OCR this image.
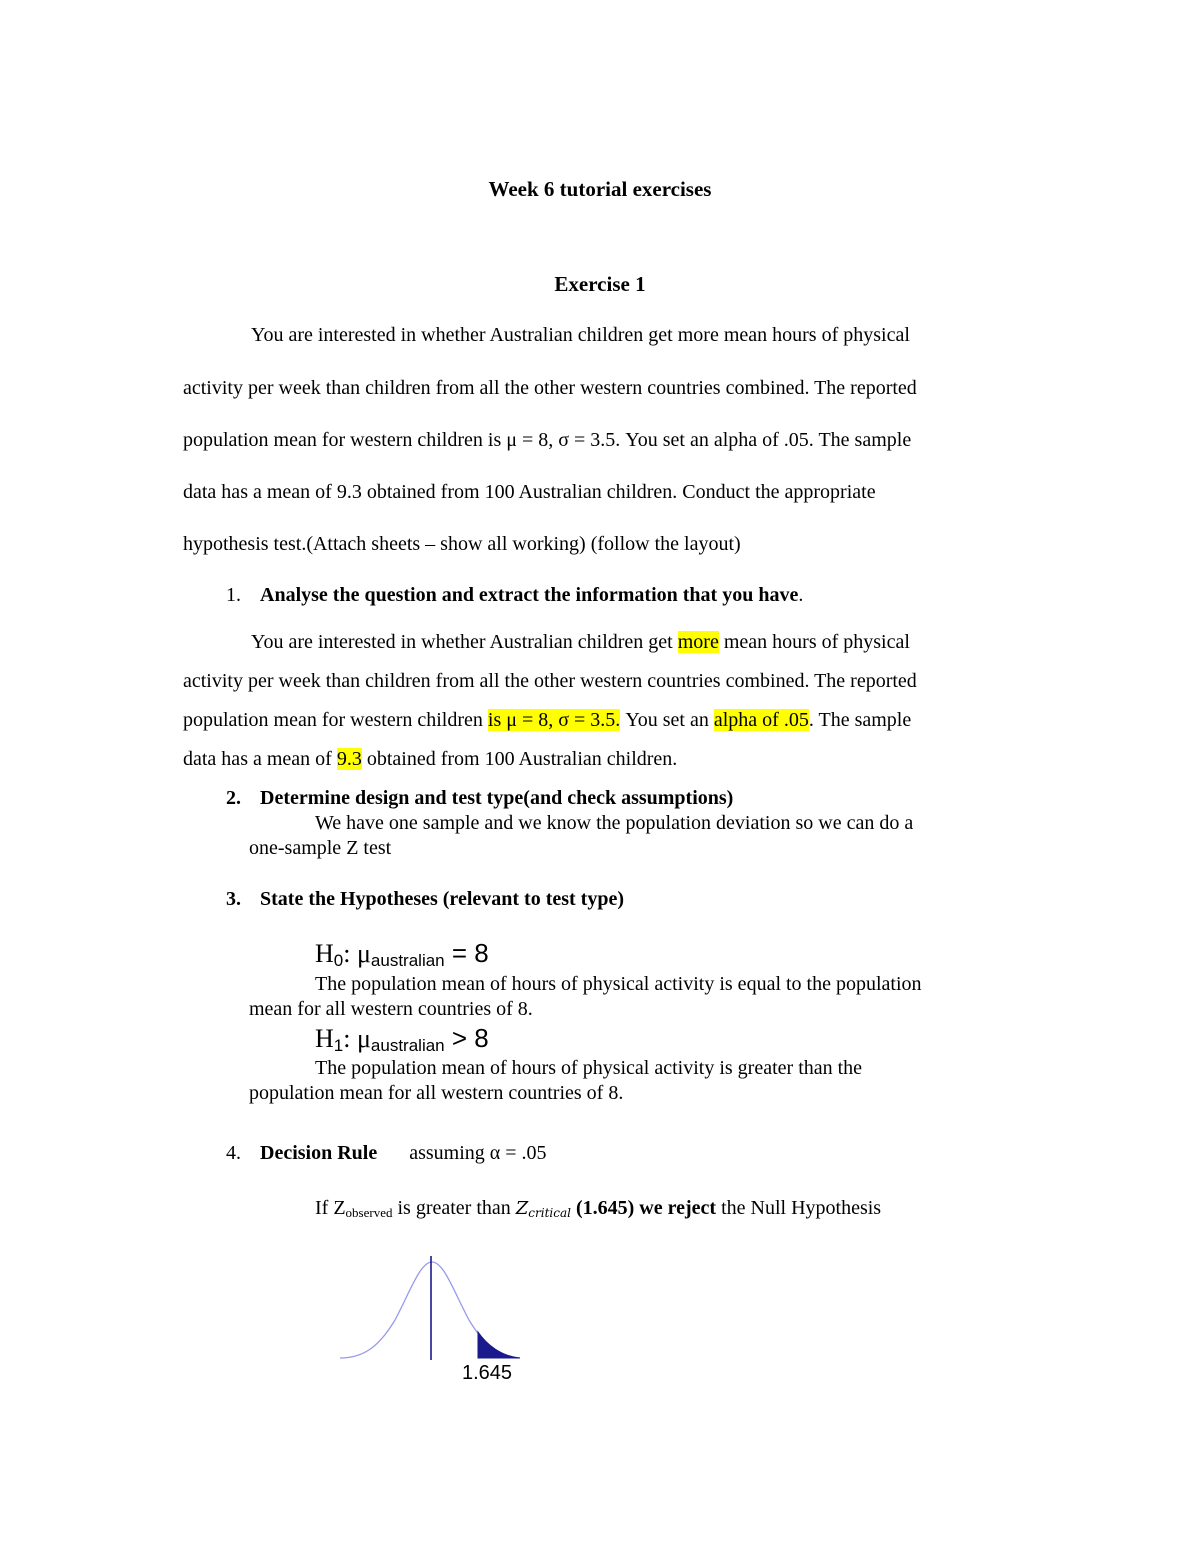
Week 6 tutorial exercises
Exercise 1
You are interested in whether Australian children get more mean hours of physical
activity per week than children from all the other western countries combined. The reported
population mean for western children is μ = 8, σ = 3.5. You set an alpha of .05. The sample
data has a mean of 9.3 obtained from 100 Australian children. Conduct the appropriate
hypothesis test.(Attach sheets – show all working) (follow the layout)
1. Analyse the question and extract the information that you have.
You are interested in whether Australian children get more mean hours of physical
activity per week than children from all the other western countries combined. The reported
population mean for western children is μ = 8, σ = 3.5. You set an alpha of .05. The sample
data has a mean of 9.3 obtained from 100 Australian children.
2. Determine design and test type(and check assumptions)
We have one sample and we know the population deviation so we can do a
one-sample Z test
3. State the Hypotheses (relevant to test type)
$H_0$: $\mu_{australian} = 8$
The population mean of hours of physical activity is equal to the population
mean for all western countries of 8.
$H_1$: $\mu_{australian} > 8$
The population mean of hours of physical activity is greater than the
population mean for all western countries of 8.
4. Decision Rule assuming α = .05
If $Z_{observed}$ is greater than $Z_{critical}$ (1.645) we reject the Null Hypothesis
1.645
